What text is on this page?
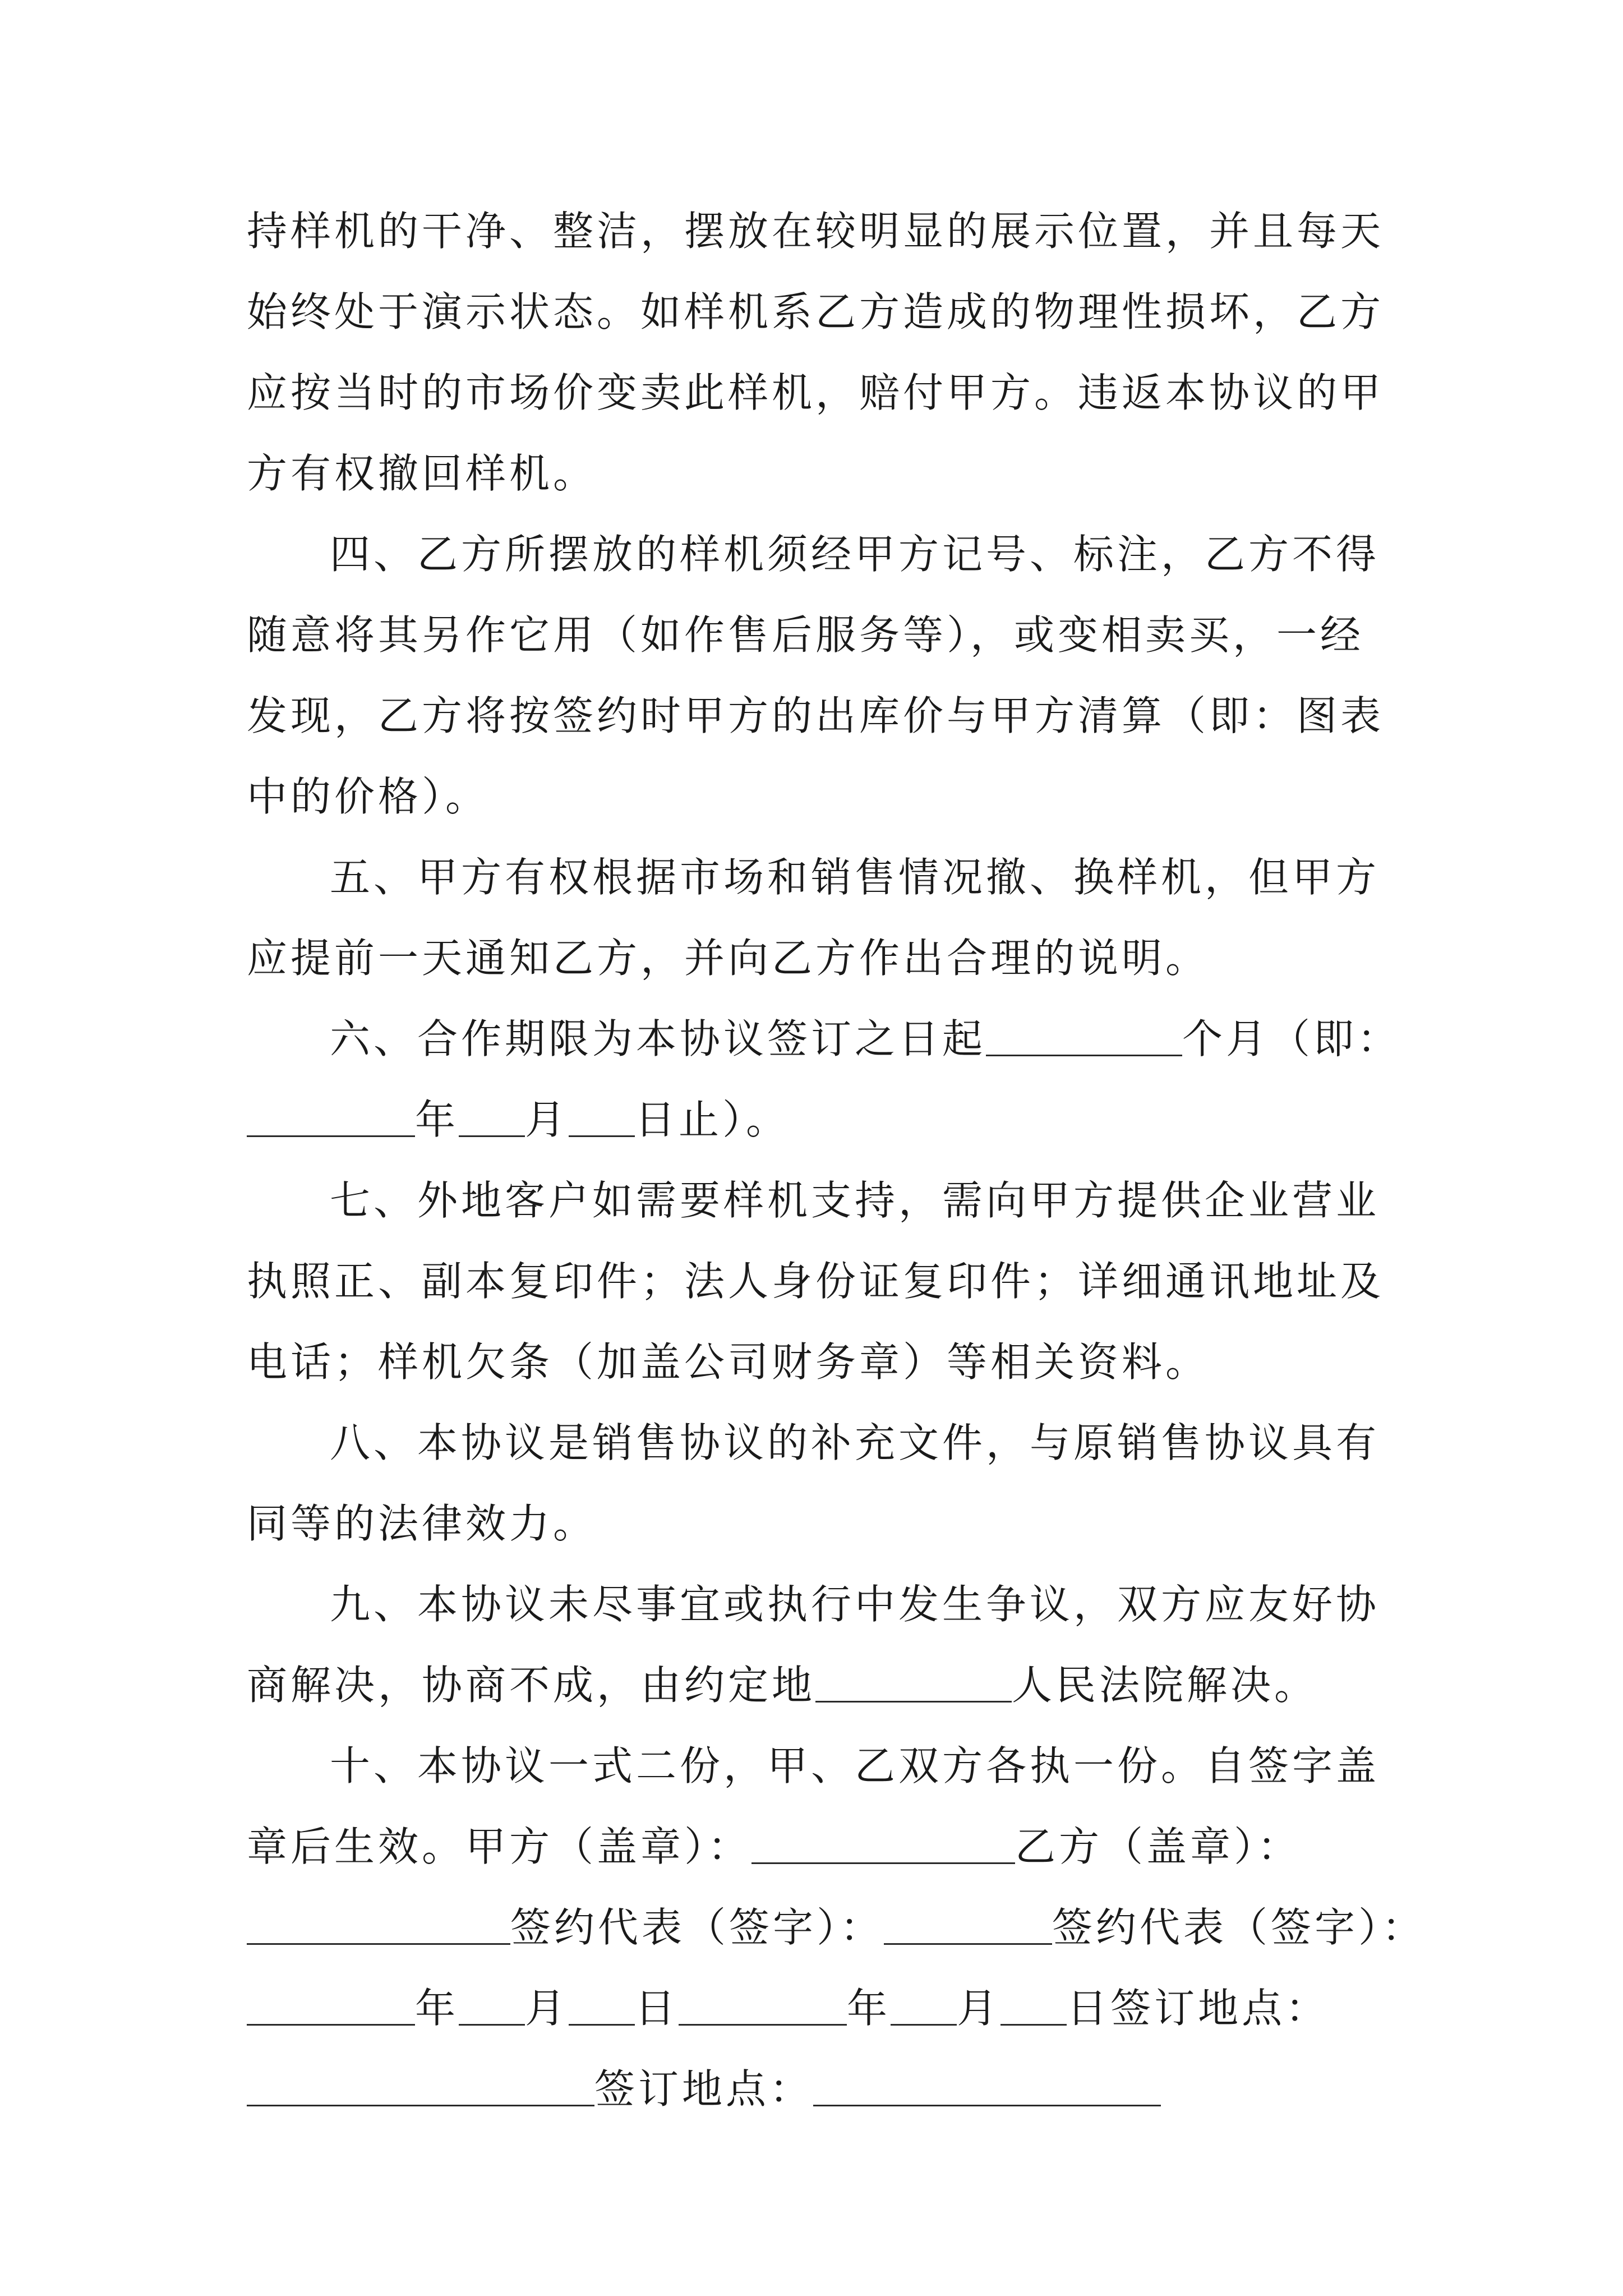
持样机的干净、整洁，摆放在较明显的展示位置，并且每天
始终处于演示状态。如样机系乙方造成的物理性损坏，乙方
应按当时的市场价变卖此样机，赔付甲方。违返本协议的甲
方有权撤回样机。
四、乙方所摆放的样机须经甲方记号、标注，乙方不得
随意将其另作它用（如作售后服务等），或变相卖买，一经
发现，乙方将按签约时甲方的出库价与甲方清算（即：图表
中的价格）。
五、甲方有权根据市场和销售情况撤、换样机，但甲方
应提前一天通知乙方，并向乙方作出合理的说明。
六、合作期限为本协议签订之日起	个月（即：
年 月 日止）。
七、外地客户如需要样机支持，需向甲方提供企业营业
执照正、副本复印件；法人身份证复印件；详细通讯地址及
电话；样机欠条（加盖公司财务章）等相关资料。
八、本协议是销售协议的补充文件，与原销售协议具有
同等的法律效力。
九、本协议未尽事宜或执行中发生争议，双方应友好协
商解决，协商不成，由约定地	人民法院解决。
十、本协议一式二份，甲、乙双方各执一份。自签字盖
章后生效。甲方（盖章）：	乙方（盖章）：
签约代表（签字）：	签约代表（签字）：
年 月 日	年 月 日签订地点：
签订地点：
